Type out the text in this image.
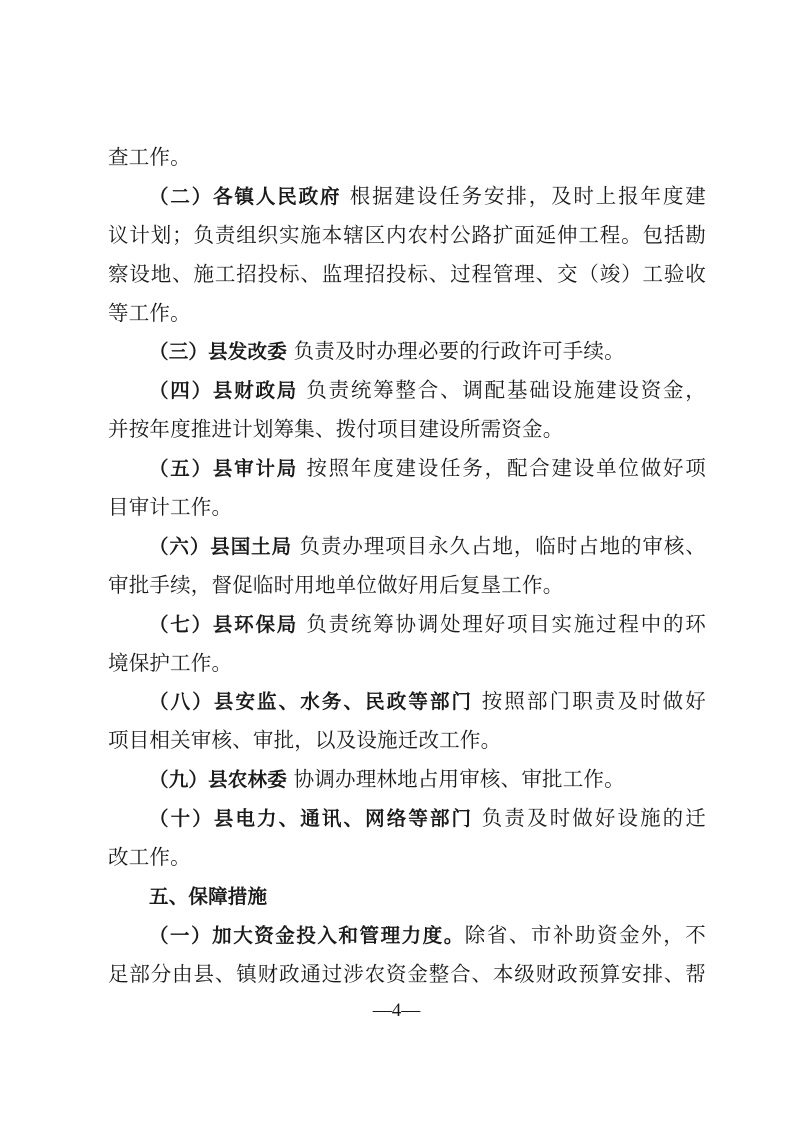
查工作。
（二）各镇人民政府 根据建设任务安排，及时上报年度建
议计划；负责组织实施本辖区内农村公路扩面延伸工程。包括勘
察设地、施工招投标、监理招投标、过程管理、交（竣）工验收
等工作。
（三）县发改委 负责及时办理必要的行政许可手续。
（四）县财政局 负责统筹整合、调配基础设施建设资金，
并按年度推进计划筹集、拨付项目建设所需资金。
（五）县审计局 按照年度建设任务，配合建设单位做好项
目审计工作。
（六）县国土局 负责办理项目永久占地，临时占地的审核、
审批手续，督促临时用地单位做好用后复垦工作。
（七）县环保局 负责统筹协调处理好项目实施过程中的环
境保护工作。
（八）县安监、水务、民政等部门 按照部门职责及时做好
项目相关审核、审批，以及设施迁改工作。
（九）县农林委 协调办理林地占用审核、审批工作。
（十）县电力、通讯、网络等部门 负责及时做好设施的迁
改工作。
五、保障措施
（一）加大资金投入和管理力度。除省、市补助资金外，不
足部分由县、镇财政通过涉农资金整合、本级财政预算安排、帮
—4—
